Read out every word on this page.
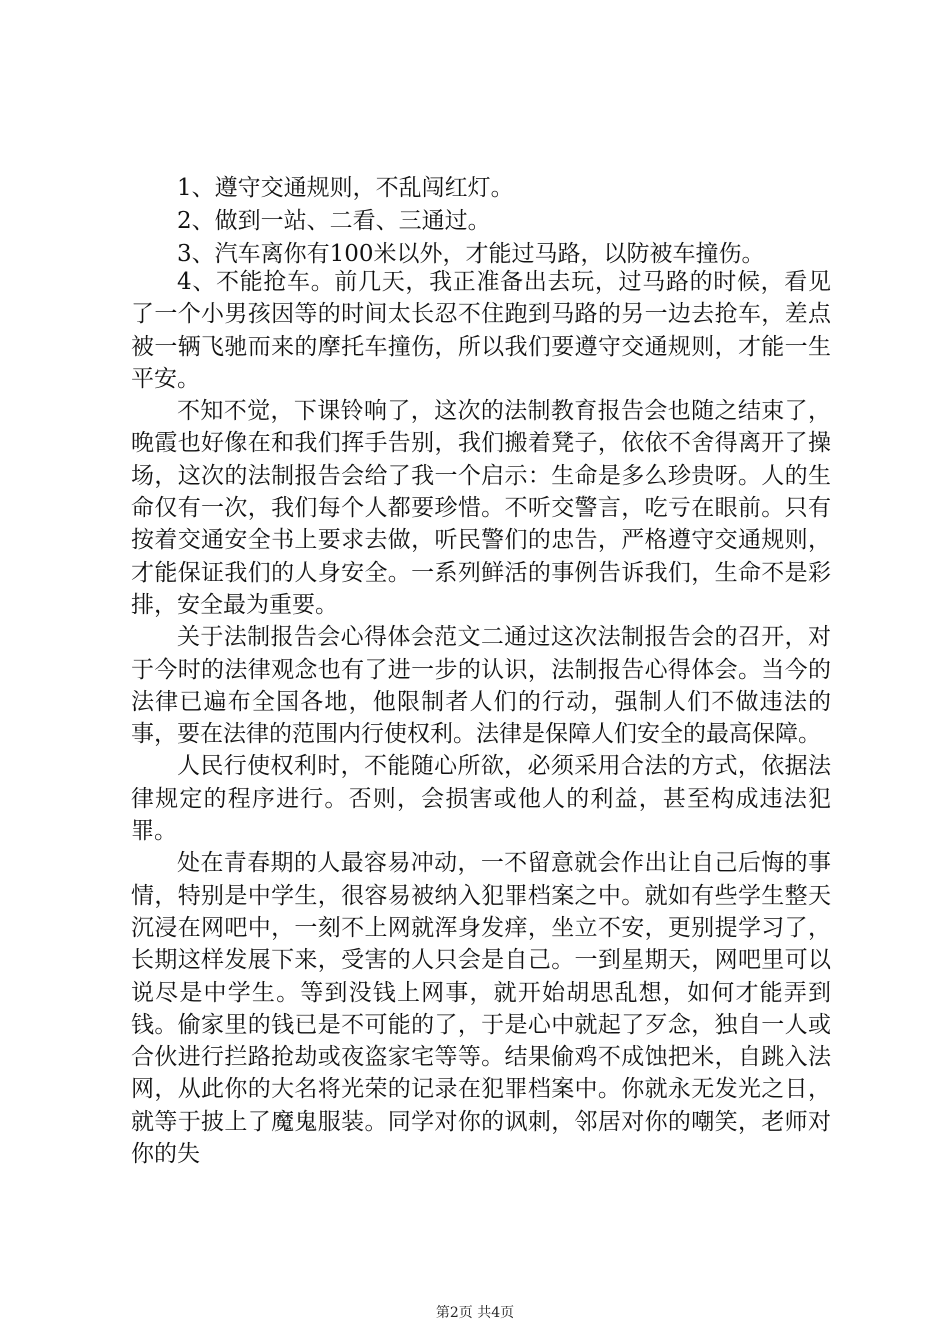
1、遵守交通规则，不乱闯红灯。
2、做到一站、二看、三通过。
3、汽车离你有100米以外，才能过马路，以防被车撞伤。

4、不能抢车。前几天，我正准备出去玩，过马路的时候，看见了一个小男孩因等的时间太长忍不住跑到马路的另一边去抢车，差点被一辆飞驰而来的摩托车撞伤，所以我们要遵守交通规则，才能一生平安。

不知不觉，下课铃响了，这次的法制教育报告会也随之结束了，晚霞也好像在和我们挥手告别，我们搬着凳子，依依不舍得离开了操场，这次的法制报告会给了我一个启示：生命是多么珍贵呀。人的生命仅有一次，我们每个人都要珍惜。不听交警言，吃亏在眼前。只有按着交通安全书上要求去做，听民警们的忠告，严格遵守交通规则，才能保证我们的人身安全。一系列鲜活的事例告诉我们，生命不是彩排，安全最为重要。

关于法制报告会心得体会范文二通过这次法制报告会的召开，对于今时的法律观念也有了进一步的认识，法制报告心得体会。当今的法律已遍布全国各地，他限制者人们的行动，强制人们不做违法的事，要在法律的范围内行使权利。法律是保障人们安全的最高保障。

人民行使权利时，不能随心所欲，必须采用合法的方式，依据法律规定的程序进行。否则，会损害或他人的利益，甚至构成违法犯罪。

处在青春期的人最容易冲动，一不留意就会作出让自己后悔的事情，特别是中学生，很容易被纳入犯罪档案之中。就如有些学生整天沉浸在网吧中，一刻不上网就浑身发痒，坐立不安，更别提学习了，长期这样发展下来，受害的人只会是自己。一到星期天，网吧里可以说尽是中学生。等到没钱上网事，就开始胡思乱想，如何才能弄到钱。偷家里的钱已是不可能的了，于是心中就起了歹念，独自一人或合伙进行拦路抢劫或夜盗家宅等等。结果偷鸡不成蚀把米，自跳入法网，从此你的大名将光荣的记录在犯罪档案中。你就永无发光之日，就等于披上了魔鬼服装。同学对你的讽刺，邻居对你的嘲笑，老师对你的失

第2页 共4页
